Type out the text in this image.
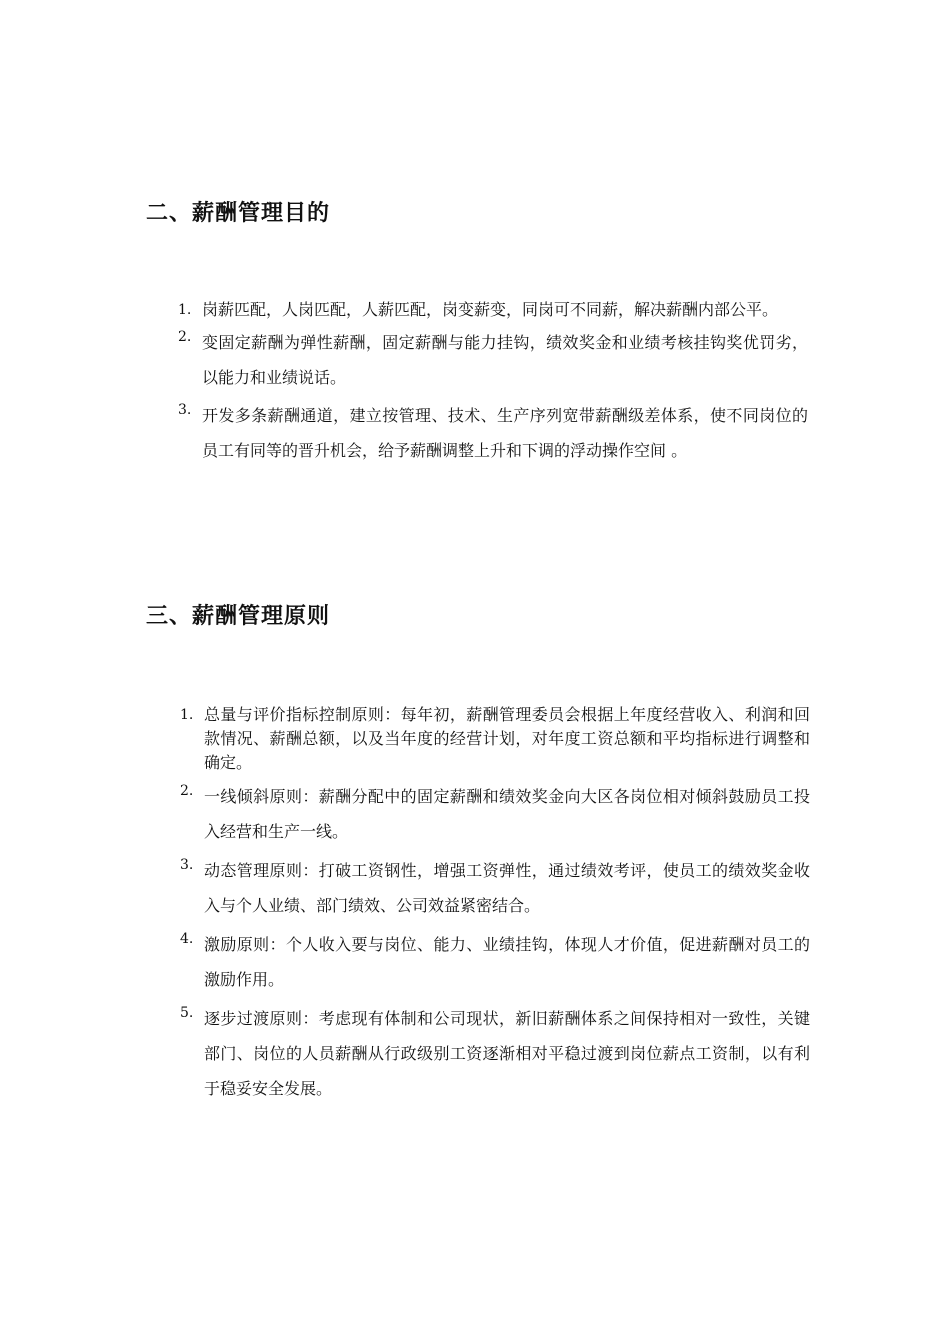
二、薪酬管理目的
1. 岗薪匹配，人岗匹配，人薪匹配，岗变薪变，同岗可不同薪，解决薪酬内部公平。
2. 变固定薪酬为弹性薪酬，固定薪酬与能力挂钩，绩效奖金和业绩考核挂钩奖优罚劣，以能力和业绩说话。
3. 开发多条薪酬通道，建立按管理、技术、生产序列宽带薪酬级差体系，使不同岗位的员工有同等的晋升机会，给予薪酬调整上升和下调的浮动操作空间 。
三、薪酬管理原则
1. 总量与评价指标控制原则：每年初，薪酬管理委员会根据上年度经营收入、利润和回款情况、薪酬总额，以及当年度的经营计划，对年度工资总额和平均指标进行调整和确定。
2. 一线倾斜原则：薪酬分配中的固定薪酬和绩效奖金向大区各岗位相对倾斜鼓励员工投入经营和生产一线。
3. 动态管理原则：打破工资钢性，增强工资弹性，通过绩效考评，使员工的绩效奖金收入与个人业绩、部门绩效、公司效益紧密结合。
4. 激励原则：个人收入要与岗位、能力、业绩挂钩，体现人才价值，促进薪酬对员工的激励作用。
5. 逐步过渡原则：考虑现有体制和公司现状，新旧薪酬体系之间保持相对一致性，关键部门、岗位的人员薪酬从行政级别工资逐渐相对平稳过渡到岗位薪点工资制，以有利于稳妥安全发展。
